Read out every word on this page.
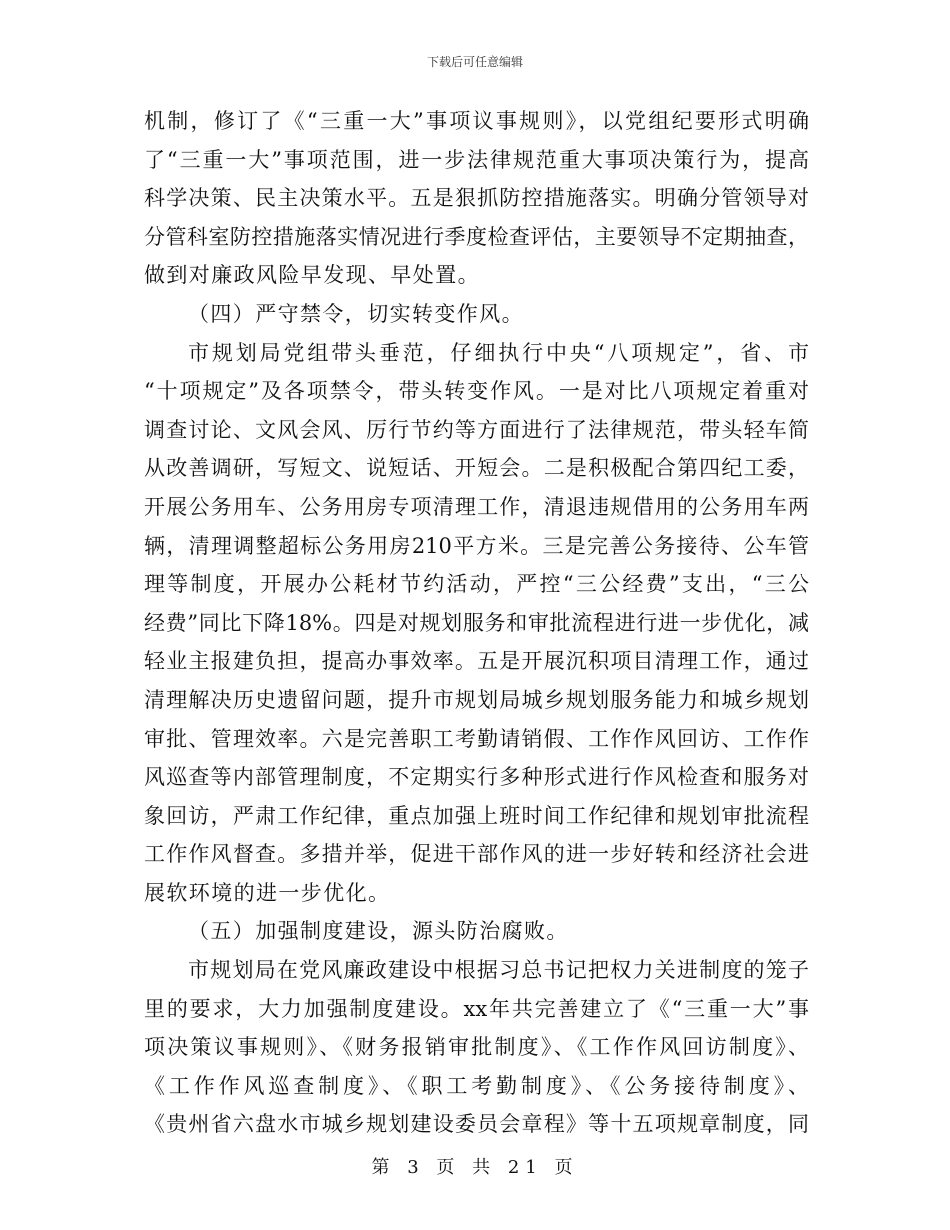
下载后可任意编辑
机制，修订了《“三重一大”事项议事规则》，以党组纪要形式明确
了“三重一大”事项范围，进一步法律规范重大事项决策行为，提高
科学决策、民主决策水平。五是狠抓防控措施落实。明确分管领导对
分管科室防控措施落实情况进行季度检查评估，主要领导不定期抽查，
做到对廉政风险早发现、早处置。
（四）严守禁令，切实转变作风。
市规划局党组带头垂范，仔细执行中央“八项规定”，省、市
“十项规定”及各项禁令，带头转变作风。一是对比八项规定着重对
调查讨论、文风会风、厉行节约等方面进行了法律规范，带头轻车简
从改善调研，写短文、说短话、开短会。二是积极配合第四纪工委，
开展公务用车、公务用房专项清理工作，清退违规借用的公务用车两
辆，清理调整超标公务用房210平方米。三是完善公务接待、公车管
理等制度，开展办公耗材节约活动，严控“三公经费”支出，“三公
经费”同比下降18%。四是对规划服务和审批流程进行进一步优化，减
轻业主报建负担，提高办事效率。五是开展沉积项目清理工作，通过
清理解决历史遗留问题，提升市规划局城乡规划服务能力和城乡规划
审批、管理效率。六是完善职工考勤请销假、工作作风回访、工作作
风巡查等内部管理制度，不定期实行多种形式进行作风检查和服务对
象回访，严肃工作纪律，重点加强上班时间工作纪律和规划审批流程
工作作风督查。多措并举，促进干部作风的进一步好转和经济社会进
展软环境的进一步优化。
（五）加强制度建设，源头防治腐败。
市规划局在党风廉政建设中根据习总书记把权力关进制度的笼子
里的要求，大力加强制度建设。xx年共完善建立了《“三重一大”事
项决策议事规则》、《财务报销审批制度》、《工作作风回访制度》、
《工作作风巡查制度》、《职工考勤制度》、《公务接待制度》、
《贵州省六盘水市城乡规划建设委员会章程》等十五项规章制度，同
第 3 页 共 21 页
